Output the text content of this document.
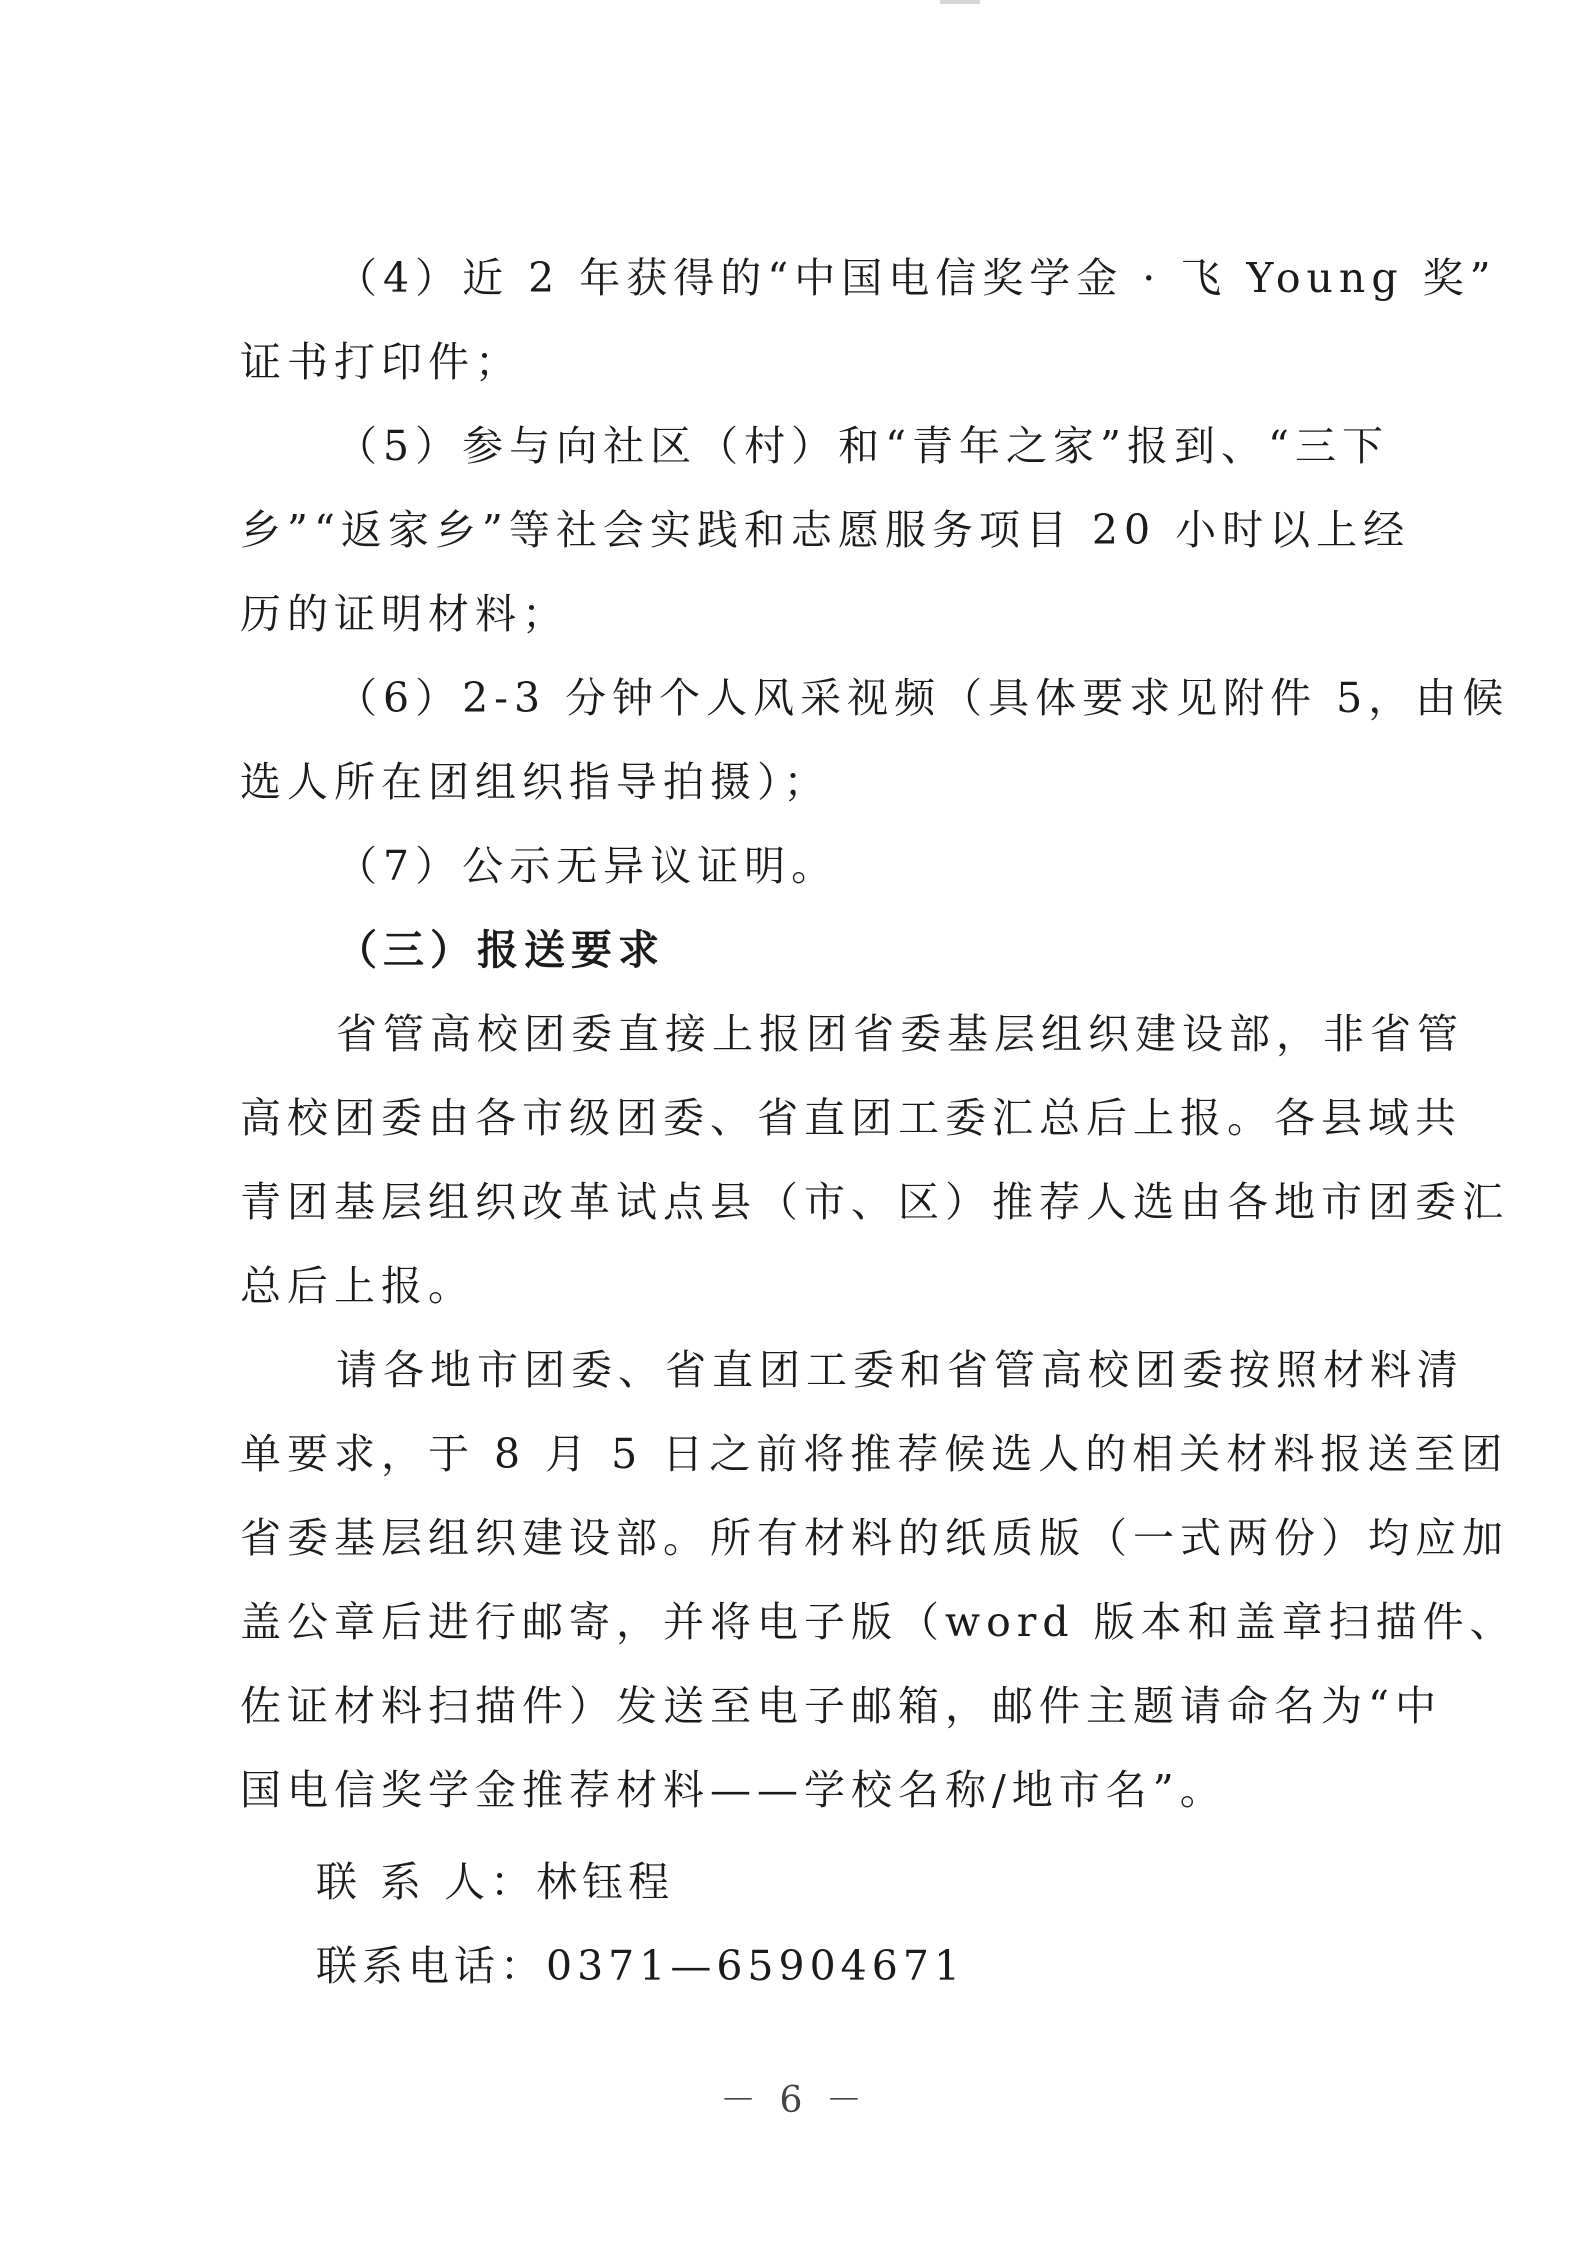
（4）近 2 年获得的“中国电信奖学金 · 飞 Young 奖”
证书打印件；
（5）参与向社区（村）和“青年之家”报到、“三下
乡”“返家乡”等社会实践和志愿服务项目 20 小时以上经
历的证明材料；
（6）2-3 分钟个人风采视频（具体要求见附件 5，由候
选人所在团组织指导拍摄）；
（7）公示无异议证明。
（三）报送要求
省管高校团委直接上报团省委基层组织建设部，非省管
高校团委由各市级团委、省直团工委汇总后上报。各县域共
青团基层组织改革试点县（市、区）推荐人选由各地市团委汇
总后上报。
请各地市团委、省直团工委和省管高校团委按照材料清
单要求，于 8 月 5 日之前将推荐候选人的相关材料报送至团
省委基层组织建设部。所有材料的纸质版（一式两份）均应加
盖公章后进行邮寄，并将电子版（word 版本和盖章扫描件、
佐证材料扫描件）发送至电子邮箱，邮件主题请命名为“中
国电信奖学金推荐材料——学校名称/地市名”。
联 系 人：林钰程
联系电话：0371—65904671
－ 6 －
